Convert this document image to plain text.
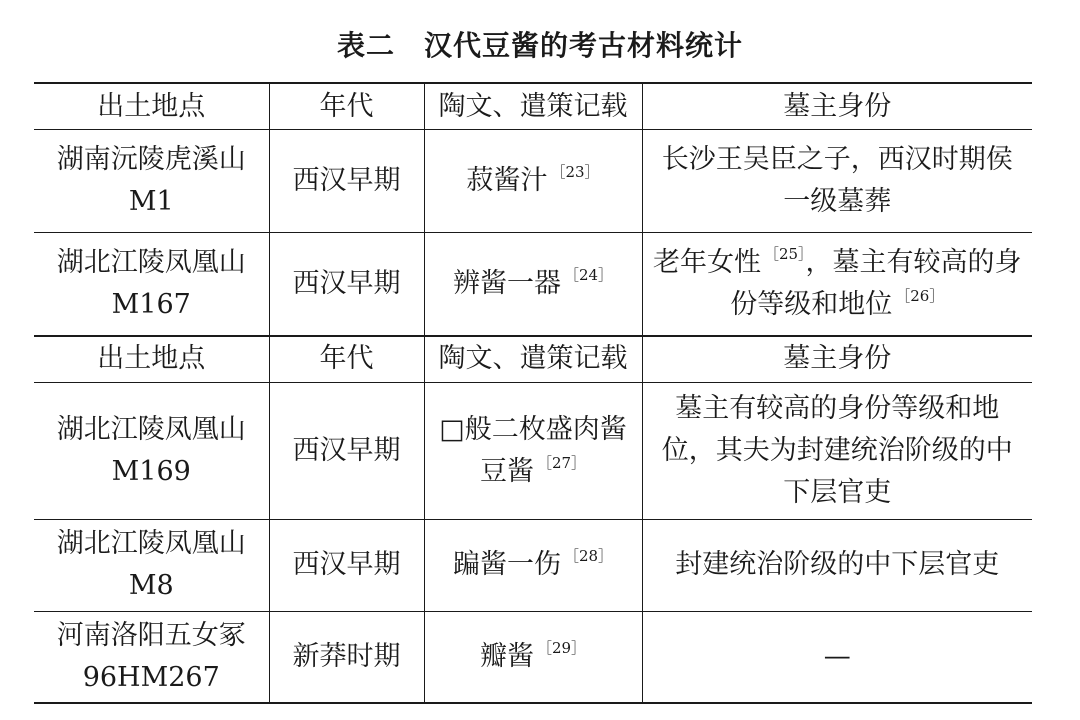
表二　汉代豆酱的考古材料统计
出土地点	年代	陶文、遣策记载	墓主身份
湖南沅陵虎溪山M1	西汉早期	菽酱汁 $^{[23]}$	长沙王吴臣之子，西汉时期侯一级墓葬
湖北江陵凤凰山M167	西汉早期	辨酱一器 $^{[24]}$	老年女性 $^{[25]}$，墓主有较高的身份等级和地位 $^{[26]}$
出土地点	年代	陶文、遣策记载	墓主身份
湖北江陵凤凰山M169	西汉早期	□般二枚盛肉酱豆酱 $^{[27]}$	墓主有较高的身份等级和地位，其夫为封建统治阶级的中下层官吏
湖北江陵凤凰山M8	西汉早期	蹁酱一伤 $^{[28]}$	封建统治阶级的中下层官吏
河南洛阳五女冢96HM267	新莽时期	瓣酱 $^{[29]}$	—
